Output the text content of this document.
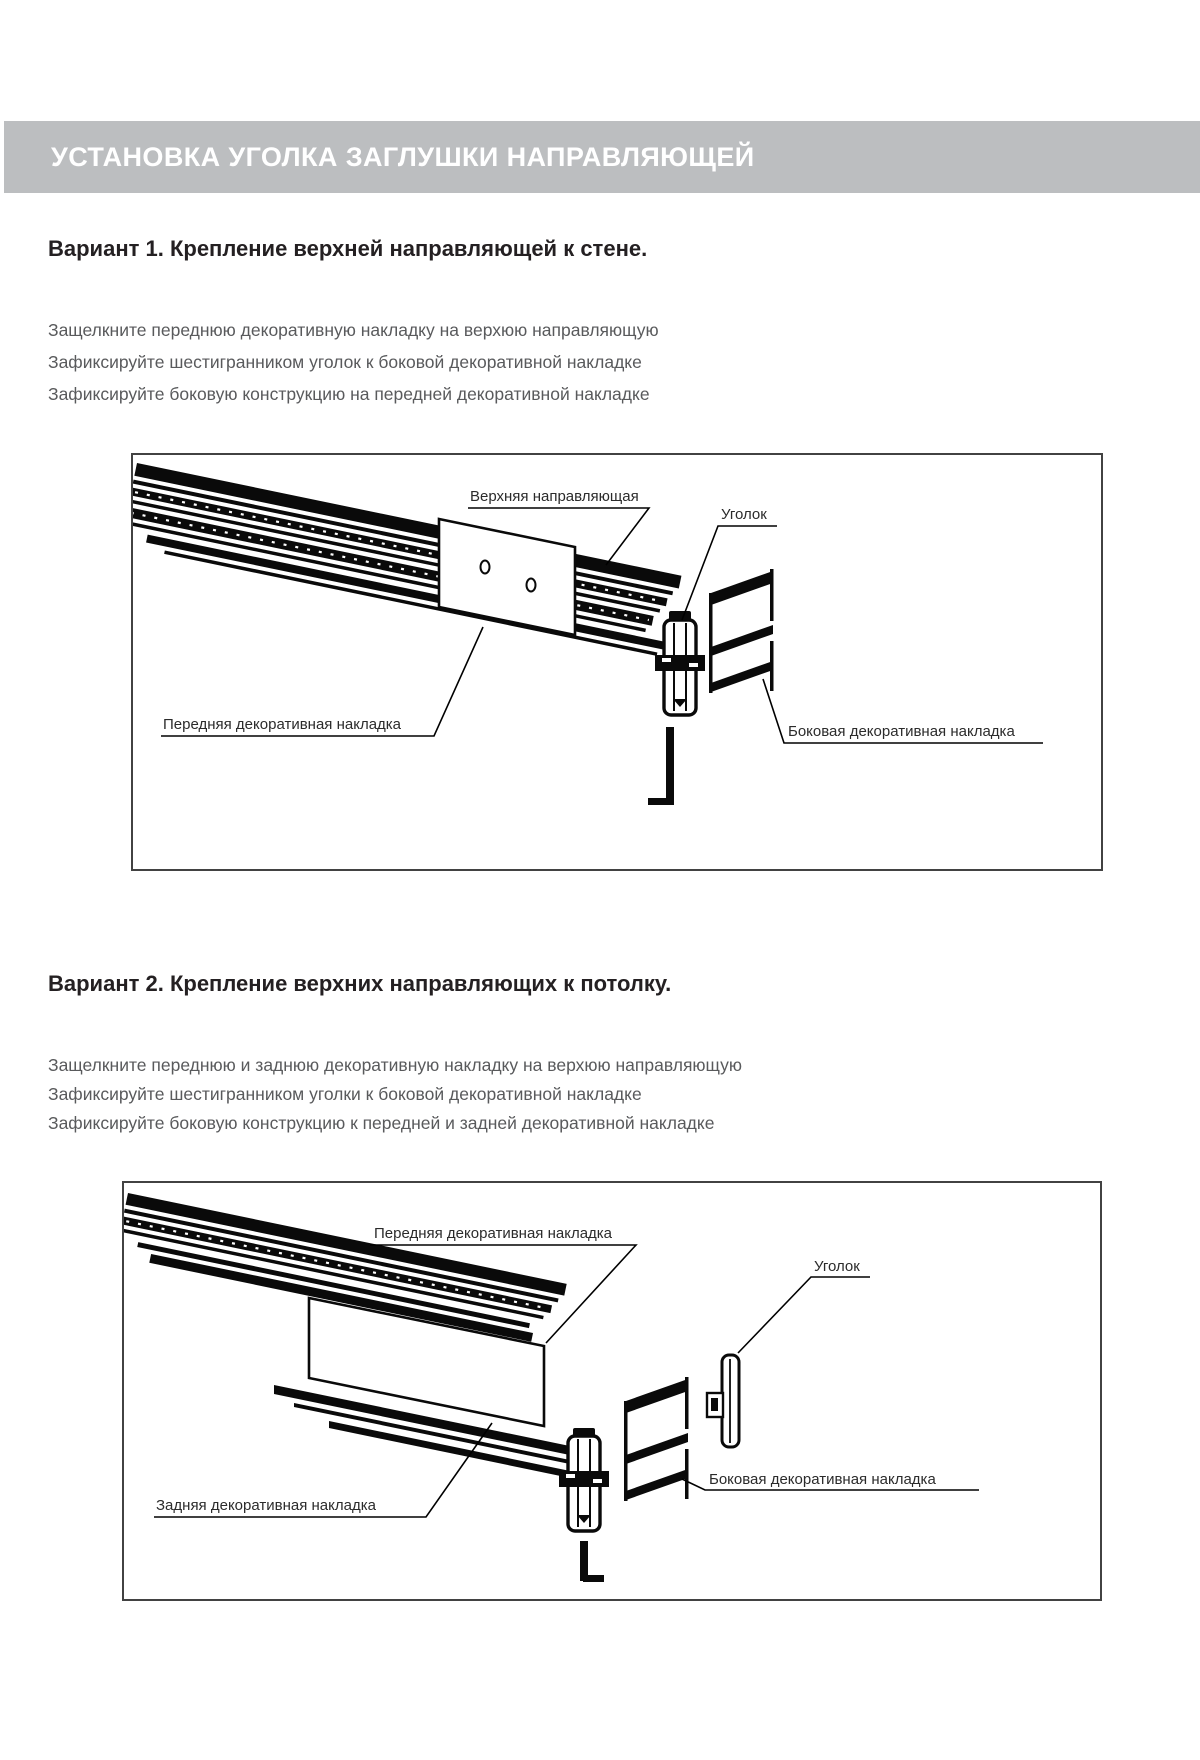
УСТАНОВКА УГОЛКА ЗАГЛУШКИ НАПРАВЛЯЮЩЕЙ
Вариант 1. Крепление верхней направляющей к стене.
Защелкните переднюю декоративную накладку на верхюю направляющую
Зафиксируйте шестигранником уголок к боковой декоративной накладке
Зафиксируйте боковую конструкцию на передней декоративной накладке
Верхняя направляющая
Уголок
Передняя декоративная накладка	Боковая декоративная накладка
Вариант 2. Крепление верхних направляющих к потолку.
Защелкните переднюю и заднюю декоративную накладку на верхюю направляющую
Зафиксируйте шестигранником уголки к боковой декоративной накладке
Зафиксируйте боковую конструкцию к передней и задней декоративной накладке
Передняя декоративная накладка
Уголок
Задняя декоративная накладка
Боковая декоративная накладка
